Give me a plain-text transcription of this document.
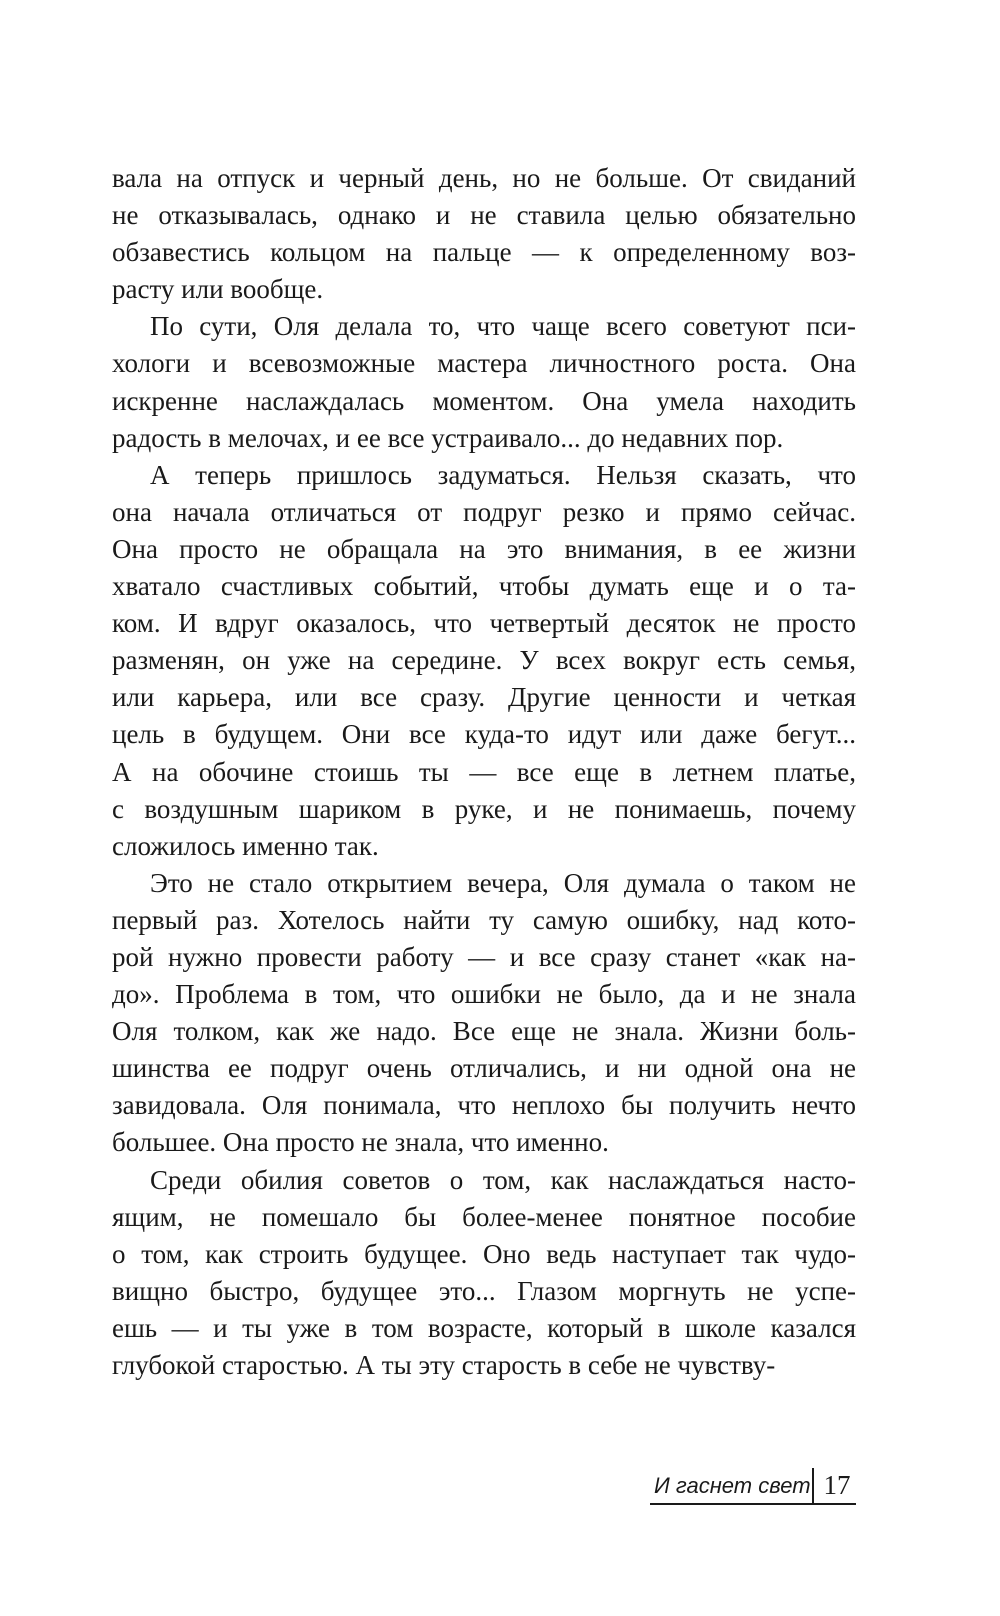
вала на отпуск и черный день, но не больше. От свиданий
не отказывалась, однако и не ставила целью обязательно
обзавестись кольцом на пальце — к определенному воз-
расту или вообще.
По сути, Оля делала то, что чаще всего советуют пси-
хологи и всевозможные мастера личностного роста. Она
искренне наслаждалась моментом. Она умела находить
радость в мелочах, и ее все устраивало... до недавних пор.
А теперь пришлось задуматься. Нельзя сказать, что
она начала отличаться от подруг резко и прямо сейчас.
Она просто не обращала на это внимания, в ее жизни
хватало счастливых событий, чтобы думать еще и о та-
ком. И вдруг оказалось, что четвертый десяток не просто
разменян, он уже на середине. У всех вокруг есть семья,
или карьера, или все сразу. Другие ценности и четкая
цель в будущем. Они все куда-то идут или даже бегут...
А на обочине стоишь ты — все еще в летнем платье,
с воздушным шариком в руке, и не понимаешь, почему
сложилось именно так.
Это не стало открытием вечера, Оля думала о таком не
первый раз. Хотелось найти ту самую ошибку, над кото-
рой нужно провести работу — и все сразу станет «как на-
до». Проблема в том, что ошибки не было, да и не знала
Оля толком, как же надо. Все еще не знала. Жизни боль-
шинства ее подруг очень отличались, и ни одной она не
завидовала. Оля понимала, что неплохо бы получить нечто
большее. Она просто не знала, что именно.
Среди обилия советов о том, как наслаждаться насто-
ящим, не помешало бы более-менее понятное пособие
о том, как строить будущее. Оно ведь наступает так чудо-
вищно быстро, будущее это... Глазом моргнуть не успе-
ешь — и ты уже в том возрасте, который в школе казался
глубокой старостью. А ты эту старость в себе не чувству-
И гаснет свет 17
